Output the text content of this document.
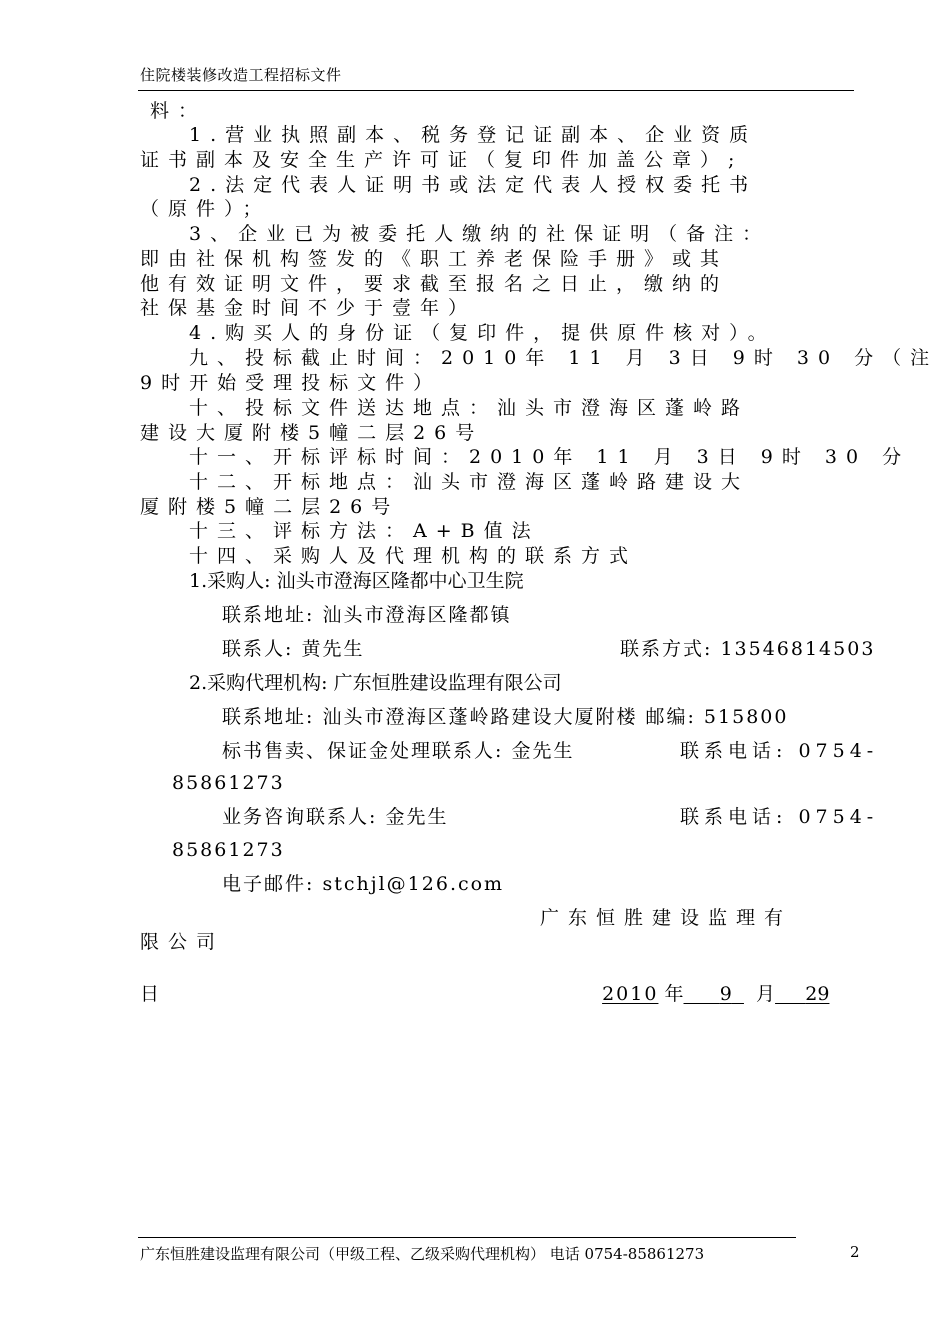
住院楼装修改造工程招标文件
料：
1.营业执照副本、税务登记证副本、企业资质
证书副本及安全生产许可证（复印件加盖公章）;
2.法定代表人证明书或法定代表人授权委托书
（原件）；
3、企业已为被委托人缴纳的社保证明（备注：
即由社保机构签发的《职工养老保险手册》或其
他有效证明文件，要求截至报名之日止，缴纳的
社保基金时间不少于壹年）
4.购买人的身份证（复印件，提供原件核对）。
九、投标截止时间：2010年 11 月 3日 9时 30 分（注
9时开始受理投标文件）
十、投标文件送达地点：汕头市澄海区蓬岭路
建设大厦附楼5幢二层26号
十一、开标评标时间：2010年 11 月 3日 9时 30 分
十二、开标地点：汕头市澄海区蓬岭路建设大
厦附楼5幢二层26号
十三、评标方法：A+B值法
十四、采购人及代理机构的联系方式
1.采购人: 汕头市澄海区隆都中心卫生院
联系地址: 汕头市澄海区隆都镇
联系人: 黄先生	联系方式: 13546814503
2.采购代理机构: 广东恒胜建设监理有限公司
联系地址: 汕头市澄海区蓬岭路建设大厦附楼 邮编: 515800
标书售卖、保证金处理联系人: 金先生	联系电话: 0754-
85861273
业务咨询联系人: 金先生	联系电话: 0754-
85861273
电子邮件: stchjl@126.com
广东恒胜建设监理有
限公司

2010 年 9 月 29

日
广东恒胜建设监理有限公司（甲级工程、乙级采购代理机构） 电话 0754-85861273	2
